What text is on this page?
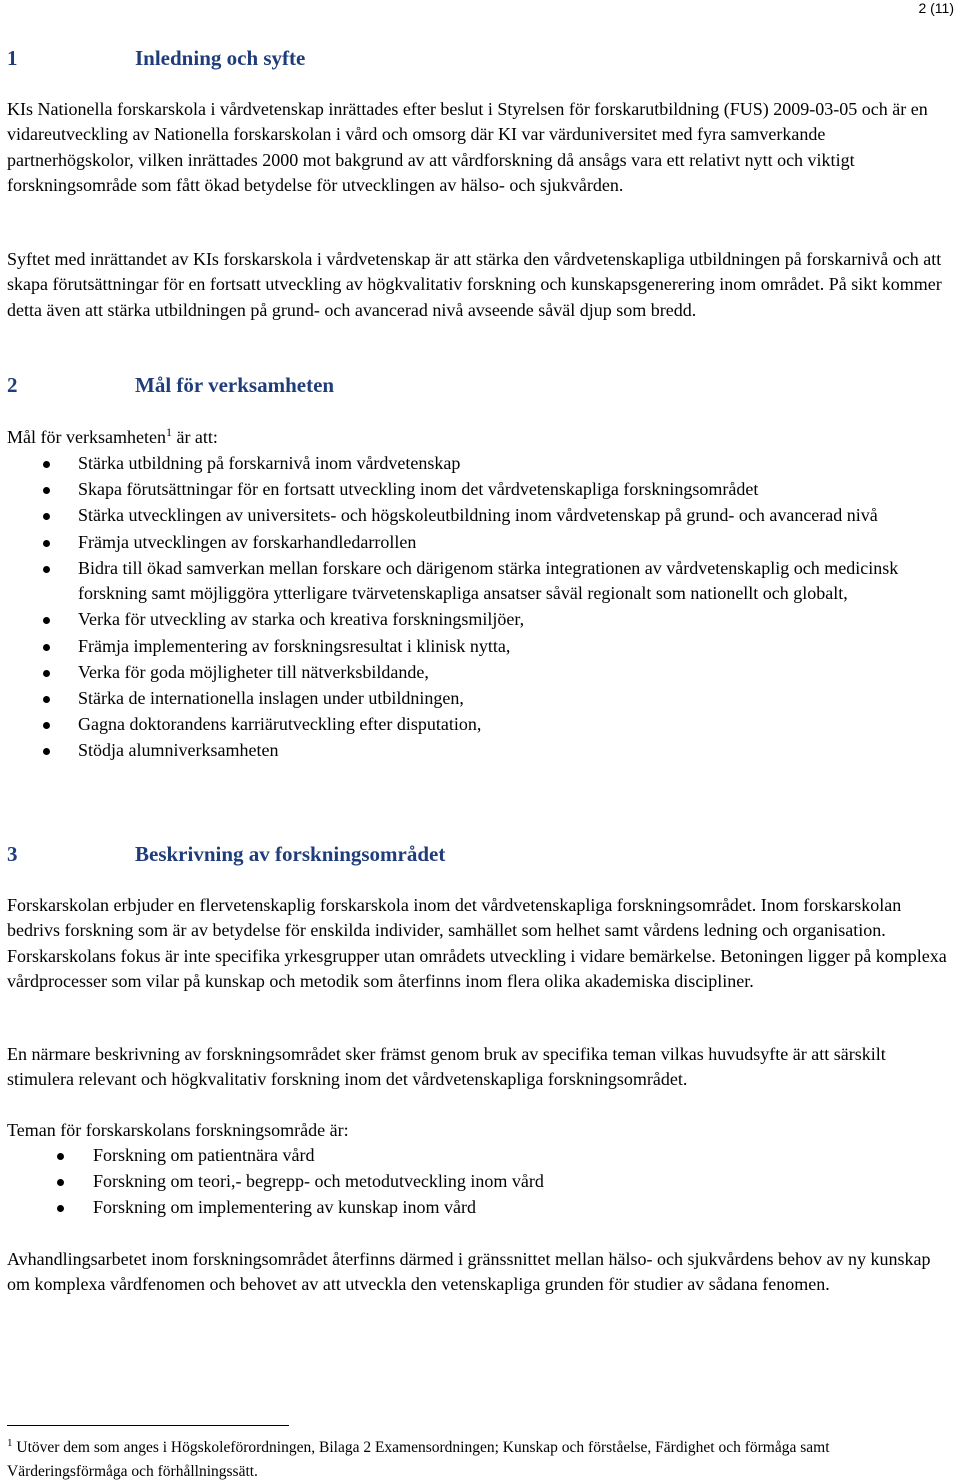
2 (11)
1	Inledning och syfte

KIs Nationella forskarskola i vårdvetenskap inrättades efter beslut i Styrelsen för forskarutbildning (FUS) 2009-03-05 och är en vidareutveckling av Nationella forskarskolan i vård och omsorg där KI var värduniversitet med fyra samverkande partnerhögskolor, vilken inrättades 2000 mot bakgrund av att vårdforskning då ansågs vara ett relativt nytt och viktigt forskningsområde som fått ökad betydelse för utvecklingen av hälso- och sjukvården.

Syftet med inrättandet av KIs forskarskola i vårdvetenskap är att stärka den vårdvetenskapliga utbildningen på forskarnivå och att skapa förutsättningar för en fortsatt utveckling av högkvalitativ forskning och kunskapsgenerering inom området. På sikt kommer detta även att stärka utbildningen på grund- och avancerad nivå avseende såväl djup som bredd.

2	Mål för verksamheten

Mål för verksamheten$^1$ är att:

Stärka utbildning på forskarnivå inom vårdvetenskap
Skapa förutsättningar för en fortsatt utveckling inom det vårdvetenskapliga forskningsområdet
Stärka utvecklingen av universitets- och högskoleutbildning inom vårdvetenskap på grund- och avancerad nivå
Främja utvecklingen av forskarhandledarrollen
Bidra till ökad samverkan mellan forskare och därigenom stärka integrationen av vårdvetenskaplig och medicinsk forskning samt möjliggöra ytterligare tvärvetenskapliga ansatser såväl regionalt som nationellt och globalt,
Verka för utveckling av starka och kreativa forskningsmiljöer,
Främja implementering av forskningsresultat i klinisk nytta,
Verka för goda möjligheter till nätverksbildande,
Stärka de internationella inslagen under utbildningen,
Gagna doktorandens karriärutveckling efter disputation,
Stödja alumniverksamheten
3	Beskrivning av forskningsområdet

Forskarskolan erbjuder en flervetenskaplig forskarskola inom det vårdvetenskapliga forskningsområdet. Inom forskarskolan bedrivs forskning som är av betydelse för enskilda individer, samhället som helhet samt vårdens ledning och organisation. Forskarskolans fokus är inte specifika yrkesgrupper utan områdets utveckling i vidare bemärkelse. Betoningen ligger på komplexa vårdprocesser som vilar på kunskap och metodik som återfinns inom flera olika akademiska discipliner.

En närmare beskrivning av forskningsområdet sker främst genom bruk av specifika teman vilkas huvudsyfte är att särskilt stimulera relevant och högkvalitativ forskning inom det vårdvetenskapliga forskningsområdet.

Teman för forskarskolans forskningsområde är:

Forskning om patientnära vård
Forskning om teori,- begrepp- och metodutveckling inom vård
Forskning om implementering av kunskap inom vård

Avhandlingsarbetet inom forskningsområdet återfinns därmed i gränssnittet mellan hälso- och sjukvårdens behov av ny kunskap om komplexa vårdfenomen och behovet av att utveckla den vetenskapliga grunden för studier av sådana fenomen.

$^1$ Utöver dem som anges i Högskoleförordningen, Bilaga 2 Examensordningen; Kunskap och förståelse, Färdighet och förmåga samt Värderingsförmåga och förhållningssätt.
